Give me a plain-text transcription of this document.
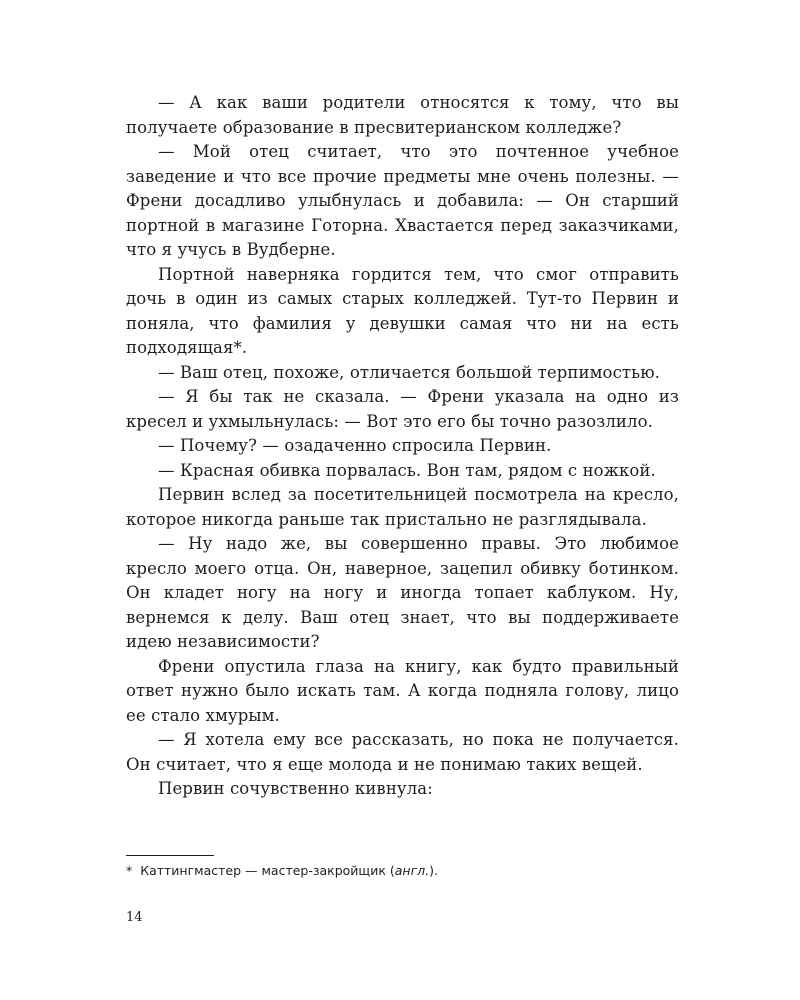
— А как ваши родители относятся к тому, что вы получаете образование в пресвитерианском колледже?

— Мой отец считает, что это почтенное учебное заведение и что все прочие предметы мне очень полезны. — Френи досадливо улыбнулась и добавила: — Он старший портной в магазине Готорна. Хвастается перед заказчиками, что я учусь в Вудберне.

Портной наверняка гордится тем, что смог отправить дочь в один из самых старых колледжей. Тут-то Первин и поняла, что фамилия у девушки самая что ни на есть подходящая*.

— Ваш отец, похоже, отличается большой терпимостью.

— Я бы так не сказала. — Френи указала на одно из кресел и ухмыльнулась: — Вот это его бы точно разозлило.

— Почему? — озадаченно спросила Первин.

— Красная обивка порвалась. Вон там, рядом с ножкой.

Первин вслед за посетительницей посмотрела на кресло, которое никогда раньше так пристально не разглядывала.

— Ну надо же, вы совершенно правы. Это любимое кресло моего отца. Он, наверное, зацепил обивку ботинком. Он кладет ногу на ногу и иногда топает каблуком. Ну, вернемся к делу. Ваш отец знает, что вы поддерживаете идею независимости?

Френи опустила глаза на книгу, как будто правильный ответ нужно было искать там. А когда подняла голову, лицо ее стало хмурым.

— Я хотела ему все рассказать, но пока не получается. Он считает, что я еще молода и не понимаю таких вещей.

Первин сочувственно кивнула:

* Каттингмастер — мастер-закройщик (англ.).
14
